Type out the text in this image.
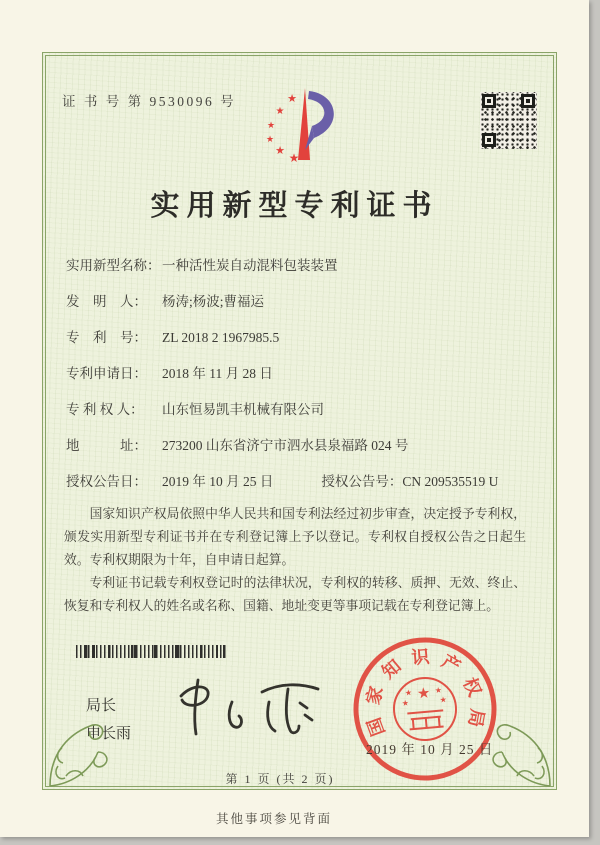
证 书 号 第 9530096 号	★
★
★
★
★
★
实用新型专利证书
实用新型名称： 一种活性炭自动混料包装装置
发　明　人： 杨涛;杨波;曹福运
专　利　号： ZL 2018 2 1967985.5
专利申请日： 2018 年 11 月 28 日
专 利 权 人： 山东恒易凯丰机械有限公司
地　　　址： 273200 山东省济宁市泗水县泉福路 024 号
授权公告日： 2019 年 10 月 25 日	授权公告号：CN 209535519 U

国家知识产权局依照中华人民共和国专利法经过初步审查，决定授予专利权，颁发实用新型专利证书并在专利登记簿上予以登记。专利权自授权公告之日起生效。专利权期限为十年，自申请日起算。

专利证书记载专利权登记时的法律状况，专利权的转移、质押、无效、终止、恢复和专利权人的姓名或名称、国籍、地址变更等事项记载在专利登记簿上。

局长
申长雨	国
家
知 识 产
权
局
★
★	★
★	★
2019 年 10 月 25 日
第 1 页 (共 2 页)
其他事项参见背面
